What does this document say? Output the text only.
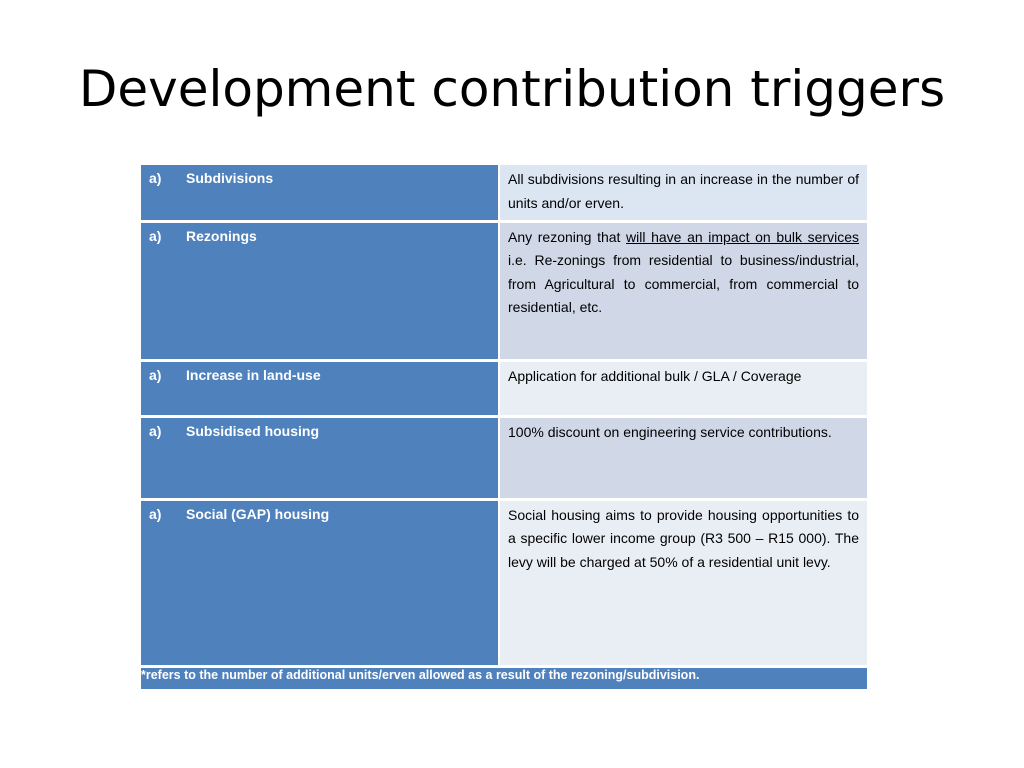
Development contribution triggers
a) Subdivisions	All subdivisions resulting in an increase in the number of units and/or erven.

a) Rezonings	Any rezoning that will have an impact on bulk services i.e. Re-zonings from residential to business/industrial, from Agricultural to commercial, from commercial to residential, etc.

a) Increase in land-use	Application for additional bulk / GLA / Coverage

a) Subsidised housing	100% discount on engineering service contributions.

a) Social (GAP) housing	Social housing aims to provide housing opportunities to a specific lower income group (R3 500 – R15 000). The levy will be charged at 50% of a residential unit levy.

*refers to the number of additional units/erven allowed as a result of the rezoning/subdivision.	
